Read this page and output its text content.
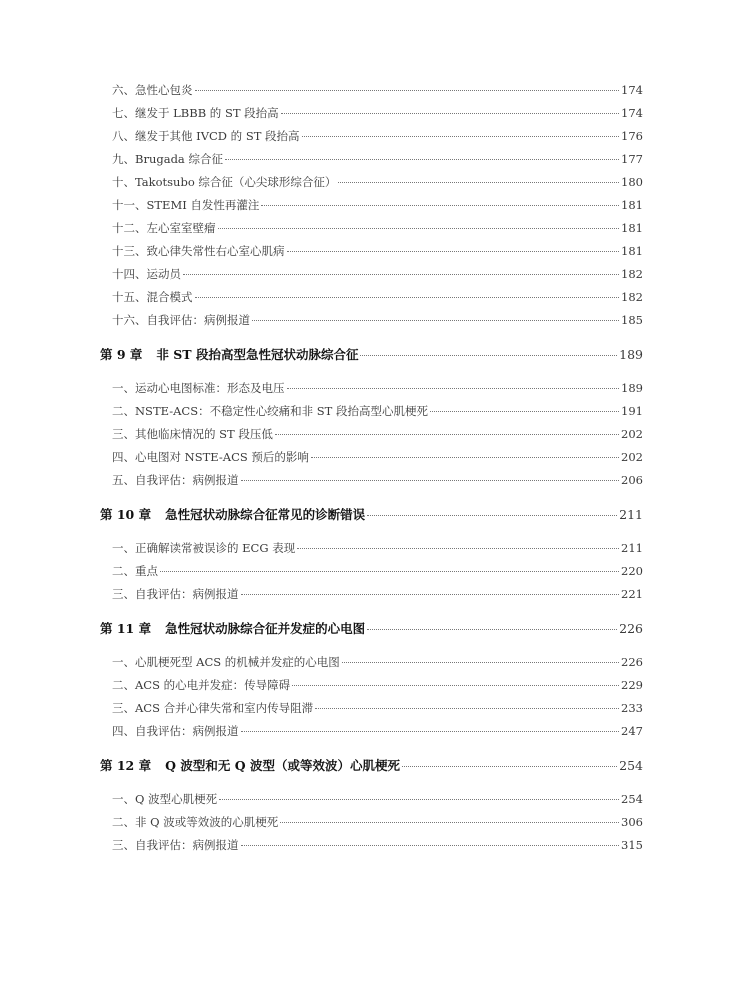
六、急性心包炎	174
七、继发于 LBBB 的 ST 段抬高	174
八、继发于其他 IVCD 的 ST 段抬高	176
九、Brugada 综合征	177
十、Takotsubo 综合征（心尖球形综合征）	180
十一、STEMI 自发性再灌注	181
十二、左心室室壁瘤	181
十三、致心律失常性右心室心肌病	181
十四、运动员	182
十五、混合模式	182
十六、自我评估：病例报道	185
第 9 章 非 ST 段抬高型急性冠状动脉综合征	189
一、运动心电图标准：形态及电压	189
二、NSTE-ACS：不稳定性心绞痛和非 ST 段抬高型心肌梗死	191
三、其他临床情况的 ST 段压低	202
四、心电图对 NSTE-ACS 预后的影响	202
五、自我评估：病例报道	206
第 10 章 急性冠状动脉综合征常见的诊断错误	211
一、正确解读常被误诊的 ECG 表现	211
二、重点	220
三、自我评估：病例报道	221
第 11 章 急性冠状动脉综合征并发症的心电图	226
一、心肌梗死型 ACS 的机械并发症的心电图	226
二、ACS 的心电并发症：传导障碍	229
三、ACS 合并心律失常和室内传导阻滞	233
四、自我评估：病例报道	247
第 12 章 Q 波型和无 Q 波型（或等效波）心肌梗死	254
一、Q 波型心肌梗死	254
二、非 Q 波或等效波的心肌梗死	306
三、自我评估：病例报道	315
